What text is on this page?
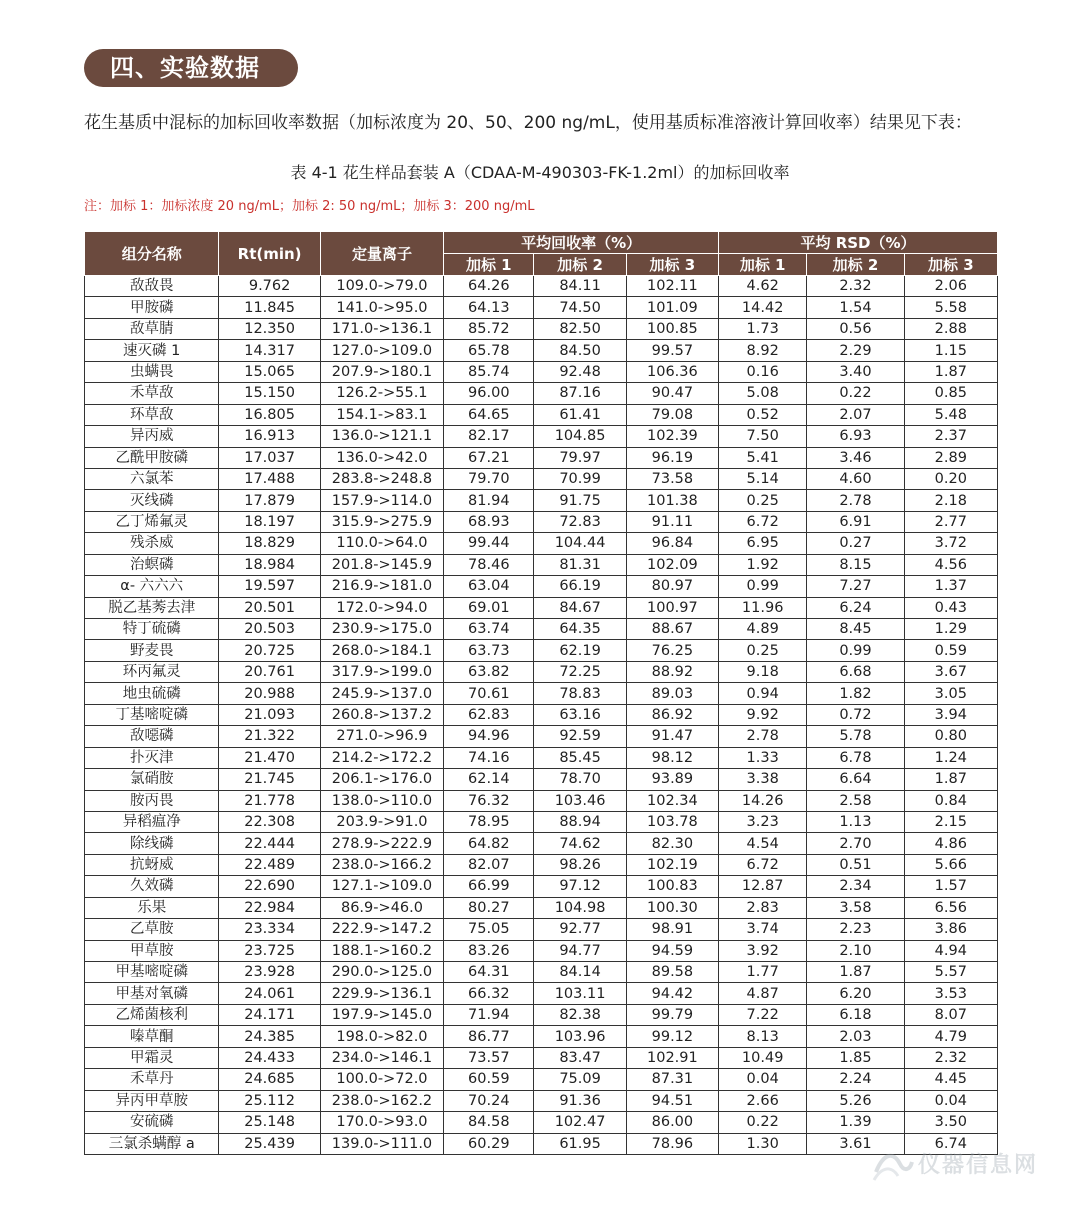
四、实验数据
花生基质中混标的加标回收率数据（加标浓度为 20、50、200 ng/mL，使用基质标准溶液计算回收率）结果见下表：
表 4-1 花生样品套装 A（CDAA-M-490303-FK-1.2ml）的加标回收率
注：加标 1：加标浓度 20 ng/mL；加标 2: 50 ng/mL；加标 3：200 ng/mL
组分名称	Rt(min)	定量离子	平均回收率（%）			平均 RSD（%）		
			加标 1	加标 2	加标 3	加标 1	加标 2	加标 3
敌敌畏	9.762	109.0->79.0	64.26	84.11	102.11	4.62	2.32	2.06
甲胺磷	11.845	141.0->95.0	64.13	74.50	101.09	14.42	1.54	5.58
敌草腈	12.350	171.0->136.1	85.72	82.50	100.85	1.73	0.56	2.88
速灭磷 1	14.317	127.0->109.0	65.78	84.50	99.57	8.92	2.29	1.15
虫螨畏	15.065	207.9->180.1	85.74	92.48	106.36	0.16	3.40	1.87
禾草敌	15.150	126.2->55.1	96.00	87.16	90.47	5.08	0.22	0.85
环草敌	16.805	154.1->83.1	64.65	61.41	79.08	0.52	2.07	5.48
异丙威	16.913	136.0->121.1	82.17	104.85	102.39	7.50	6.93	2.37
乙酰甲胺磷	17.037	136.0->42.0	67.21	79.97	96.19	5.41	3.46	2.89
六氯苯	17.488	283.8->248.8	79.70	70.99	73.58	5.14	4.60	0.20
灭线磷	17.879	157.9->114.0	81.94	91.75	101.38	0.25	2.78	2.18
乙丁烯氟灵	18.197	315.9->275.9	68.93	72.83	91.11	6.72	6.91	2.77
残杀威	18.829	110.0->64.0	99.44	104.44	96.84	6.95	0.27	3.72
治螟磷	18.984	201.8->145.9	78.46	81.31	102.09	1.92	8.15	4.56
α- 六六六	19.597	216.9->181.0	63.04	66.19	80.97	0.99	7.27	1.37
脱乙基莠去津	20.501	172.0->94.0	69.01	84.67	100.97	11.96	6.24	0.43
特丁硫磷	20.503	230.9->175.0	63.74	64.35	88.67	4.89	8.45	1.29
野麦畏	20.725	268.0->184.1	63.73	62.19	76.25	0.25	0.99	0.59
环丙氟灵	20.761	317.9->199.0	63.82	72.25	88.92	9.18	6.68	3.67
地虫硫磷	20.988	245.9->137.0	70.61	78.83	89.03	0.94	1.82	3.05
丁基嘧啶磷	21.093	260.8->137.2	62.83	63.16	86.92	9.92	0.72	3.94
敌噁磷	21.322	271.0->96.9	94.96	92.59	91.47	2.78	5.78	0.80
扑灭津	21.470	214.2->172.2	74.16	85.45	98.12	1.33	6.78	1.24
氯硝胺	21.745	206.1->176.0	62.14	78.70	93.89	3.38	6.64	1.87
胺丙畏	21.778	138.0->110.0	76.32	103.46	102.34	14.26	2.58	0.84
异稻瘟净	22.308	203.9->91.0	78.95	88.94	103.78	3.23	1.13	2.15
除线磷	22.444	278.9->222.9	64.82	74.62	82.30	4.54	2.70	4.86
抗蚜威	22.489	238.0->166.2	82.07	98.26	102.19	6.72	0.51	5.66
久效磷	22.690	127.1->109.0	66.99	97.12	100.83	12.87	2.34	1.57
乐果	22.984	86.9->46.0	80.27	104.98	100.30	2.83	3.58	6.56
乙草胺	23.334	222.9->147.2	75.05	92.77	98.91	3.74	2.23	3.86
甲草胺	23.725	188.1->160.2	83.26	94.77	94.59	3.92	2.10	4.94
甲基嘧啶磷	23.928	290.0->125.0	64.31	84.14	89.58	1.77	1.87	5.57
甲基对氧磷	24.061	229.9->136.1	66.32	103.11	94.42	4.87	6.20	3.53
乙烯菌核利	24.171	197.9->145.0	71.94	82.38	99.79	7.22	6.18	8.07
嗪草酮	24.385	198.0->82.0	86.77	103.96	99.12	8.13	2.03	4.79
甲霜灵	24.433	234.0->146.1	73.57	83.47	102.91	10.49	1.85	2.32
禾草丹	24.685	100.0->72.0	60.59	75.09	87.31	0.04	2.24	4.45
异丙甲草胺	25.112	238.0->162.2	70.24	91.36	94.51	2.66	5.26	0.04
安硫磷	25.148	170.0->93.0	84.58	102.47	86.00	0.22	1.39	3.50
三氯杀螨醇 a	25.439	139.0->111.0	60.29	61.95	78.96	1.30	3.61	6.74
仪器信息网
